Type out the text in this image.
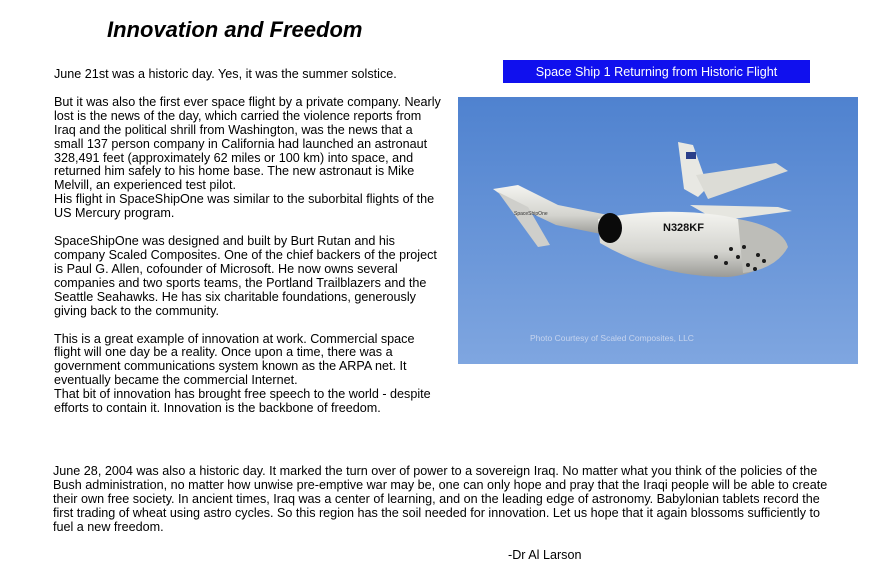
Innovation and Freedom

June 21st was a historic day. Yes, it was the summer solstice.

But it was also the first ever space flight by a private company. Nearly lost is the news of the day, which carried the violence reports from Iraq and the political shrill from Washington, was the news that a small 137 person company in California had launched an astronaut 328,491 feet (approximately 62 miles or 100 km) into space, and returned him safely to his home base. The new astronaut is Mike Melvill, an experienced test pilot.
His flight in SpaceShipOne was similar to the suborbital flights of the US Mercury program.

SpaceShipOne was designed and built by Burt Rutan and his company Scaled Composites. One of the chief backers of the project is Paul G. Allen, cofounder of Microsoft. He now owns several companies and two sports teams, the Portland Trailblazers and the Seattle Seahawks. He has six charitable foundations, generously giving back to the community.

This is a great example of innovation at work. Commercial space flight will one day be a reality. Once upon a time, there was a government communications system known as the ARPA net. It eventually became the commercial Internet.
That bit of innovation has brought free speech to the world - despite efforts to contain it. Innovation is the backbone of freedom.

Space Ship 1 Returning from Historic Flight
N328KF
SpaceShipOne
Photo Courtesy of Scaled Composites, LLC
June 28, 2004 was also a historic day. It marked the turn over of power to a sovereign Iraq. No matter what you think of the policies of the Bush administration, no matter how unwise pre-emptive war may be, one can only hope and pray that the Iraqi people will be able to create their own free society. In ancient times, Iraq was a center of learning, and on the leading edge of astronomy. Babylonian tablets record the first trading of wheat using astro cycles. So this region has the soil needed for innovation. Let us hope that it again blossoms sufficiently to fuel a new freedom.
-Dr Al Larson
